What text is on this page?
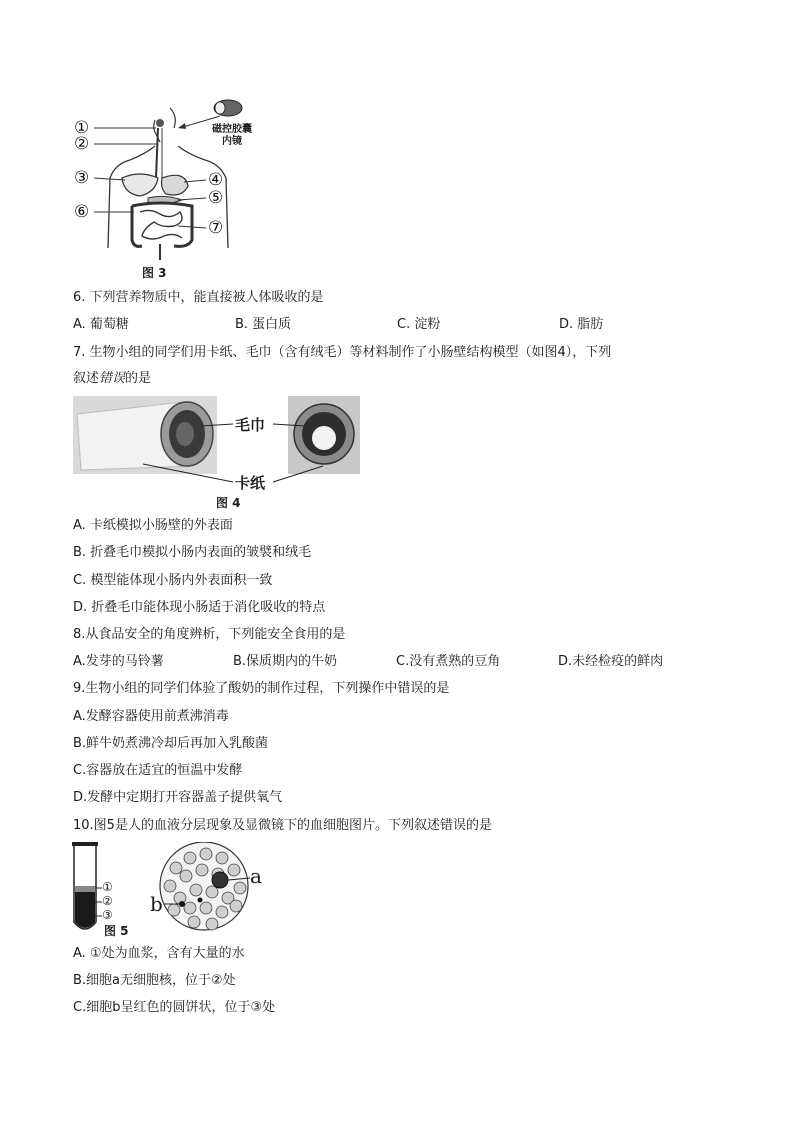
①
②
③	④
⑤
⑥
⑦
磁控胶囊
内镜
图 3
6. 下列营养物质中，能直接被人体吸收的是
A. 葡萄糖	B. 蛋白质	C. 淀粉	D. 脂肪
7. 生物小组的同学们用卡纸、毛巾（含有绒毛）等材料制作了小肠壁结构模型（如图4），下列
叙述错误的是
毛巾
卡纸
图 4
A. 卡纸模拟小肠壁的外表面
B. 折叠毛巾模拟小肠内表面的皱襞和绒毛
C. 模型能体现小肠内外表面积一致
D. 折叠毛巾能体现小肠适于消化吸收的特点
8.从食品安全的角度辨析，下列能安全食用的是
A.发芽的马铃薯	B.保质期内的牛奶	C.没有煮熟的豆角	D.未经检疫的鲜肉
9.生物小组的同学们体验了酸奶的制作过程，下列操作中错误的是
A.发酵容器使用前煮沸消毒
B.鲜牛奶煮沸冷却后再加入乳酸菌
C.容器放在适宜的恒温中发酵
D.发酵中定期打开容器盖子提供氧气
10.图5是人的血液分层现象及显微镜下的血细胞图片。下列叙述错误的是
①
②
③
a
b
图 5
A. ①处为血浆，含有大量的水
B.细胞a无细胞核，位于②处
C.细胞b呈红色的圆饼状，位于③处
